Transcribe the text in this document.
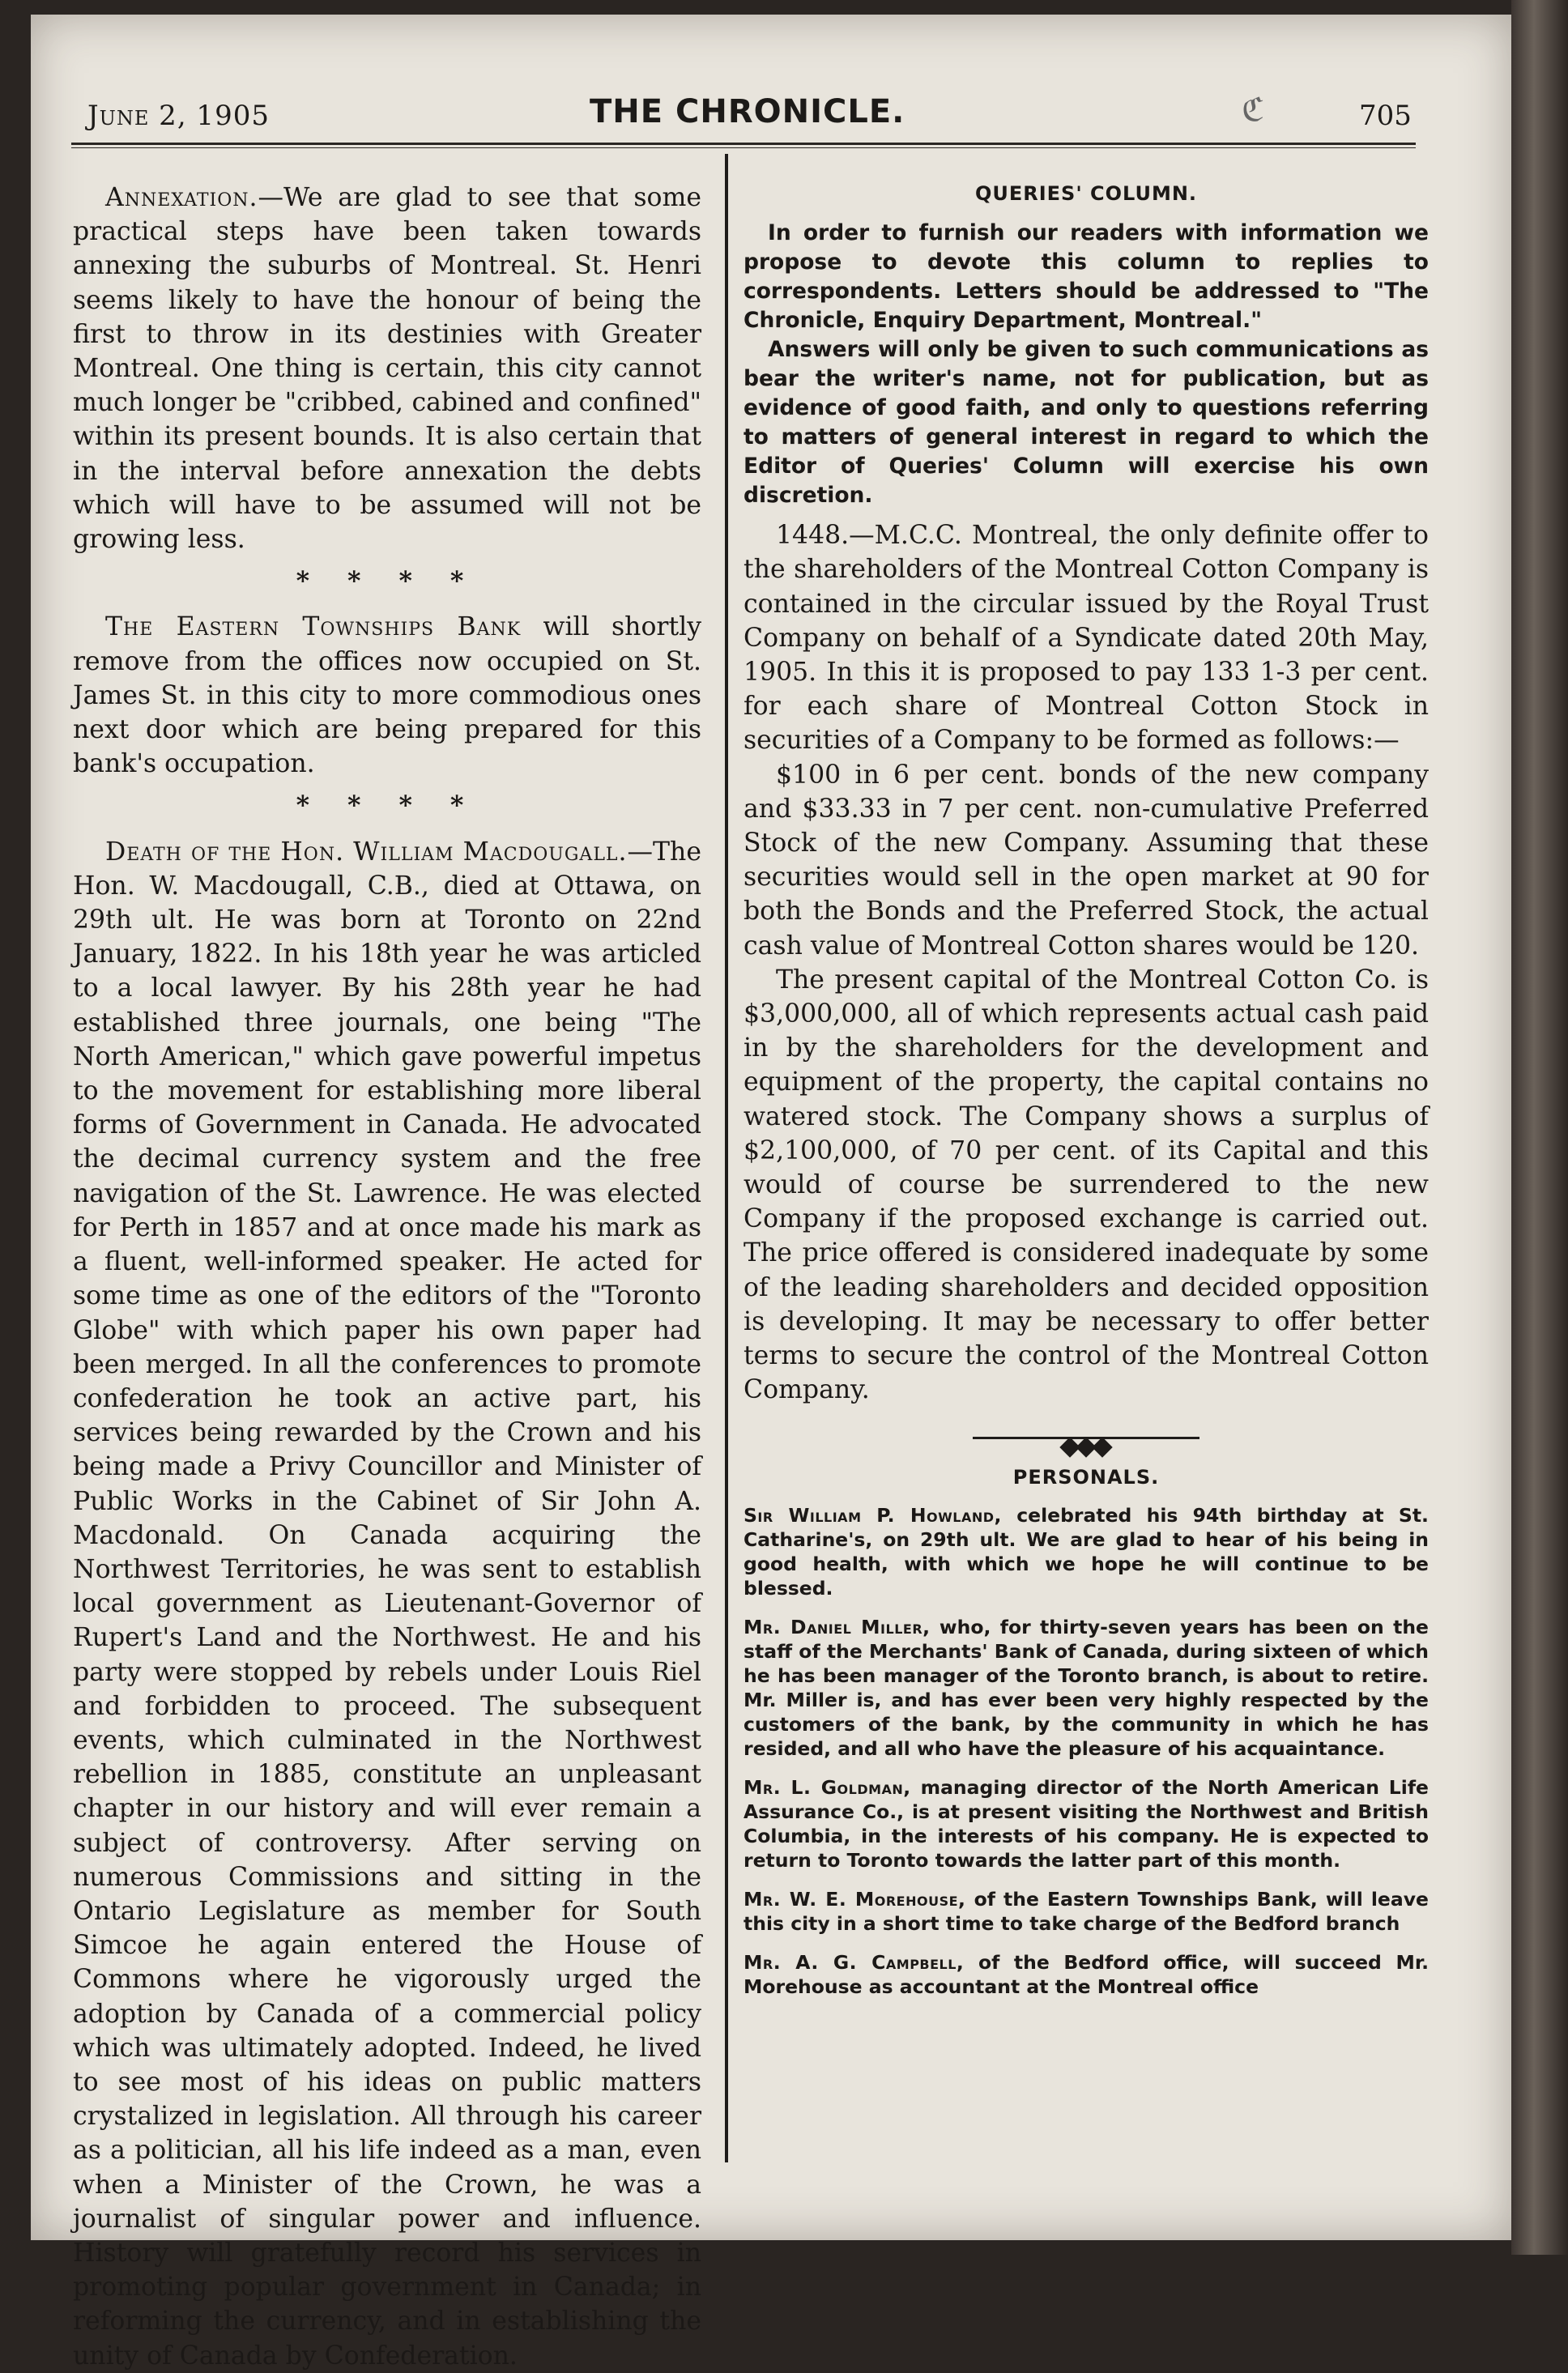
June 2, 1905	THE CHRONICLE.	ℭ	705

Annexation.—We are glad to see that some practical steps have been taken towards annexing the suburbs of Montreal. St. Henri seems likely to have the honour of being the first to throw in its destinies with Greater Montreal. One thing is certain, this city cannot much longer be "cribbed, cabined and confined" within its present bounds. It is also certain that in the interval before annexation the debts which will have to be assumed will not be growing less.

* * * *

The Eastern Townships Bank will shortly remove from the offices now occupied on St. James St. in this city to more commodious ones next door which are being prepared for this bank's occupation.

* * * *

Death of the Hon. William Macdougall.—The Hon. W. Macdougall, C.B., died at Ottawa, on 29th ult. He was born at Toronto on 22nd January, 1822. In his 18th year he was articled to a local lawyer. By his 28th year he had established three journals, one being "The North American," which gave powerful impetus to the movement for establishing more liberal forms of Government in Canada. He advocated the decimal currency system and the free navigation of the St. Lawrence. He was elected for Perth in 1857 and at once made his mark as a fluent, well-informed speaker. He acted for some time as one of the editors of the "Toronto Globe" with which paper his own paper had been merged. In all the conferences to promote confederation he took an active part, his services being rewarded by the Crown and his being made a Privy Councillor and Minister of Public Works in the Cabinet of Sir John A. Macdonald. On Canada acquiring the Northwest Territories, he was sent to establish local government as Lieutenant-Governor of Rupert's Land and the Northwest. He and his party were stopped by rebels under Louis Riel and forbidden to proceed. The subsequent events, which culminated in the Northwest rebellion in 1885, constitute an unpleasant chapter in our history and will ever remain a subject of controversy. After serving on numerous Commissions and sitting in the Ontario Legislature as member for South Simcoe he again entered the House of Commons where he vigorously urged the adoption by Canada of a commercial policy which was ultimately adopted. Indeed, he lived to see most of his ideas on public matters crystalized in legislation. All through his career as a politician, all his life indeed as a man, even when a Minister of the Crown, he was a journalist of singular power and influence. History will gratefully record his services in promoting popular government in Canada; in reforming the currency, and in establishing the unity of Canada by Confederation.

QUERIES' COLUMN.

In order to furnish our readers with information we propose to devote this column to replies to correspondents. Letters should be addressed to "The Chronicle, Enquiry Department, Montreal."

Answers will only be given to such communications as bear the writer's name, not for publication, but as evidence of good faith, and only to questions referring to matters of general interest in regard to which the Editor of Queries' Column will exercise his own discretion.

1448.—M.C.C. Montreal, the only definite offer to the shareholders of the Montreal Cotton Company is contained in the circular issued by the Royal Trust Company on behalf of a Syndicate dated 20th May, 1905. In this it is proposed to pay 133 1-3 per cent. for each share of Montreal Cotton Stock in securities of a Company to be formed as follows:—

$100 in 6 per cent. bonds of the new company and $33.33 in 7 per cent. non-cumulative Preferred Stock of the new Company. Assuming that these securities would sell in the open market at 90 for both the Bonds and the Preferred Stock, the actual cash value of Montreal Cotton shares would be 120.

The present capital of the Montreal Cotton Co. is $3,000,000, all of which represents actual cash paid in by the shareholders for the development and equipment of the property, the capital contains no watered stock. The Company shows a surplus of $2,100,000, of 70 per cent. of its Capital and this would of course be surrendered to the new Company if the proposed exchange is carried out. The price offered is considered inadequate by some of the leading shareholders and decided opposition is developing. It may be necessary to offer better terms to secure the control of the Montreal Cotton Company.

PERSONALS.

Sir William P. Howland, celebrated his 94th birthday at St. Catharine's, on 29th ult. We are glad to hear of his being in good health, with which we hope he will continue to be blessed.

Mr. Daniel Miller, who, for thirty-seven years has been on the staff of the Merchants' Bank of Canada, during sixteen of which he has been manager of the Toronto branch, is about to retire. Mr. Miller is, and has ever been very highly respected by the customers of the bank, by the community in which he has resided, and all who have the pleasure of his acquaintance.

Mr. L. Goldman, managing director of the North American Life Assurance Co., is at present visiting the Northwest and British Columbia, in the interests of his company. He is expected to return to Toronto towards the latter part of this month.

Mr. W. E. Morehouse, of the Eastern Townships Bank, will leave this city in a short time to take charge of the Bedford branch

Mr. A. G. Campbell, of the Bedford office, will succeed Mr. Morehouse as accountant at the Montreal office
